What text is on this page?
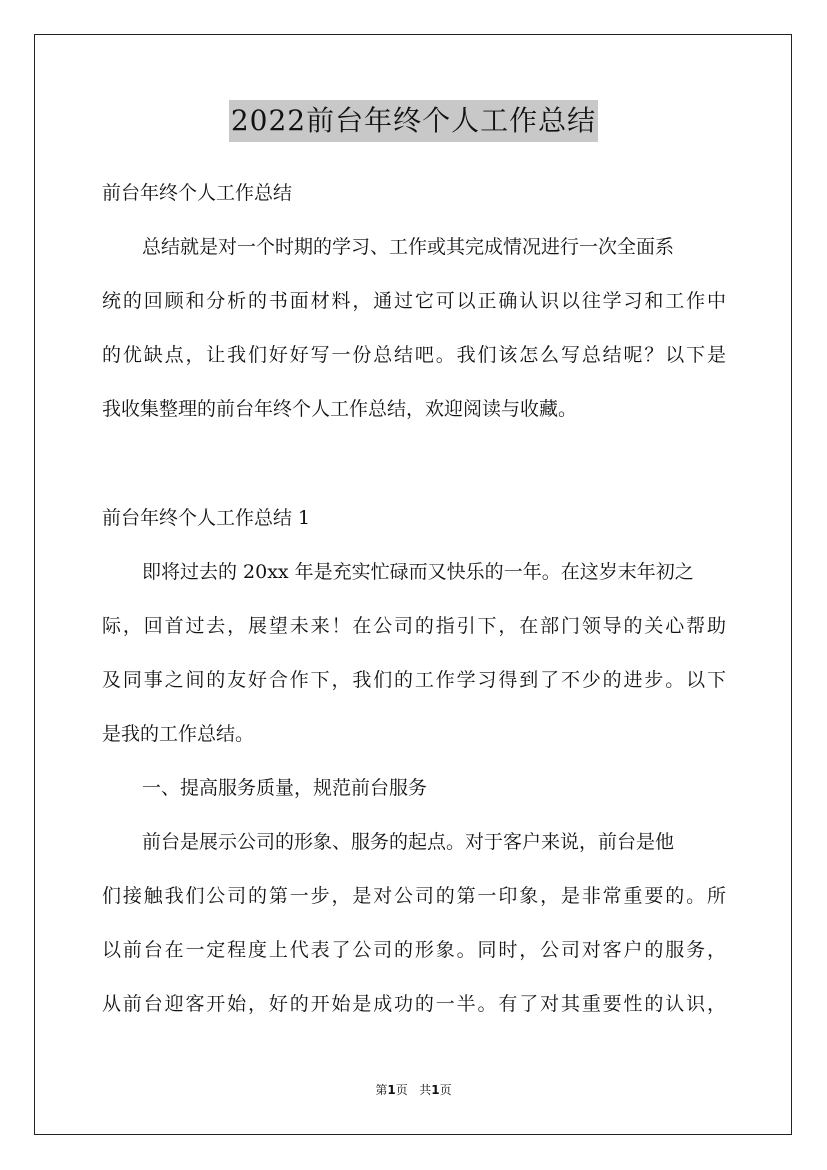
2022前台年终个人工作总结
前台年终个人工作总结
总结就是对一个时期的学习、工作或其完成情况进行一次全面系
统的回顾和分析的书面材料，通过它可以正确认识以往学习和工作中
的优缺点，让我们好好写一份总结吧。我们该怎么写总结呢？以下是
我收集整理的前台年终个人工作总结，欢迎阅读与收藏。
前台年终个人工作总结 1
即将过去的 20xx 年是充实忙碌而又快乐的一年。在这岁末年初之
际，回首过去，展望未来！在公司的指引下，在部门领导的关心帮助
及同事之间的友好合作下，我们的工作学习得到了不少的进步。以下
是我的工作总结。
一、提高服务质量，规范前台服务
前台是展示公司的形象、服务的起点。对于客户来说，前台是他
们接触我们公司的第一步，是对公司的第一印象，是非常重要的。所
以前台在一定程度上代表了公司的形象。同时，公司对客户的服务，
从前台迎客开始，好的开始是成功的一半。有了对其重要性的认识，
第1页 共1页
